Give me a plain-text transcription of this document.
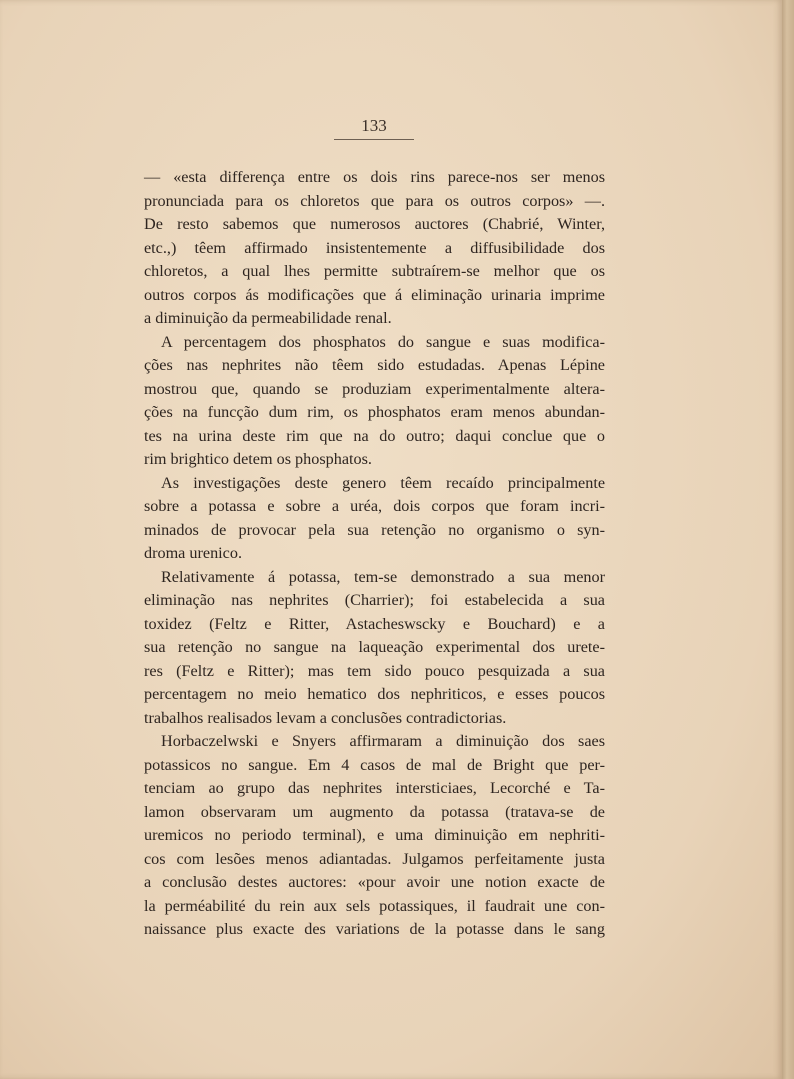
133
— «esta differença entre os dois rins parece-nos ser menos
pronunciada para os chloretos que para os outros corpos» —.
De resto sabemos que numerosos auctores (Chabrié, Winter,
etc.,) têem affirmado insistentemente a diffusibilidade dos
chloretos, a qual lhes permitte subtraírem-se melhor que os
outros corpos ás modificações que á eliminação urinaria imprime
a diminuição da permeabilidade renal.
A percentagem dos phosphatos do sangue e suas modifica-
ções nas nephrites não têem sido estudadas. Apenas Lépine
mostrou que, quando se produziam experimentalmente altera-
ções na funcção dum rim, os phosphatos eram menos abundan-
tes na urina deste rim que na do outro; daqui conclue que o
rim brightico detem os phosphatos.
As investigações deste genero têem recaído principalmente
sobre a potassa e sobre a uréa, dois corpos que foram incri-
minados de provocar pela sua retenção no organismo o syn-
droma urenico.
Relativamente á potassa, tem-se demonstrado a sua menor
eliminação nas nephrites (Charrier); foi estabelecida a sua
toxidez (Feltz e Ritter, Astacheswscky e Bouchard) e a
sua retenção no sangue na laqueação experimental dos urete-
res (Feltz e Ritter); mas tem sido pouco pesquizada a sua
percentagem no meio hematico dos nephriticos, e esses poucos
trabalhos realisados levam a conclusões contradictorias.
Horbaczelwski e Snyers affirmaram a diminuição dos saes
potassicos no sangue. Em 4 casos de mal de Bright que per-
tenciam ao grupo das nephrites intersticiaes, Lecorché e Ta-
lamon observaram um augmento da potassa (tratava-se de
uremicos no periodo terminal), e uma diminuição em nephriti-
cos com lesões menos adiantadas. Julgamos perfeitamente justa
a conclusão destes auctores: «pour avoir une notion exacte de
la perméabilité du rein aux sels potassiques, il faudrait une con-
naissance plus exacte des variations de la potasse dans le sang
